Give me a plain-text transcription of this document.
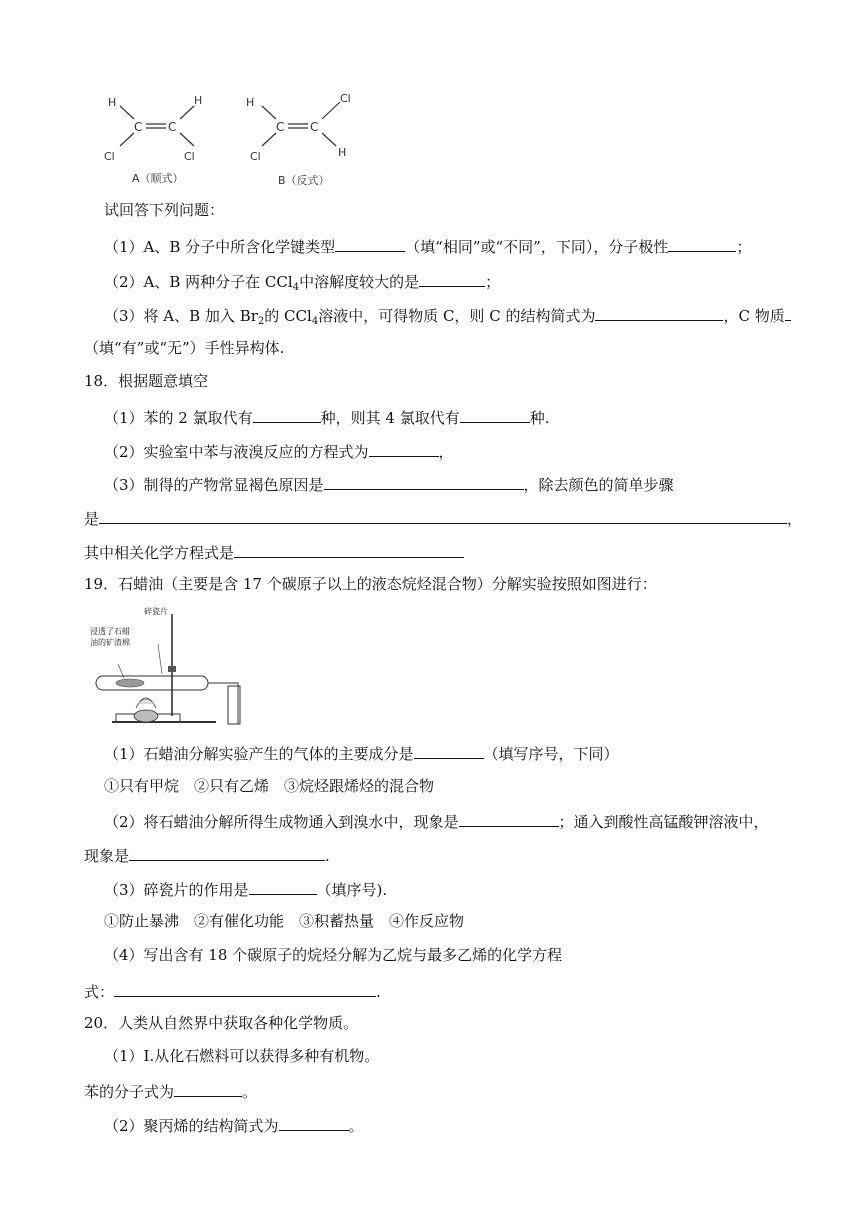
H	H
C C
Cl	Cl
A（顺式）
H	Cl
C C
Cl	H
B（反式）
试回答下列问题：
（1）A、B 分子中所含化学键类型	（填“相同”或“不同”，下同），分子极性	；
（2）A、B 两种分子在 CCl$_4$中溶解度较大的是	；
（3）将 A、B 加入 $Br_2$的 CCl$_4$溶液中，可得物质 C，则 C 的结构简式为	，C 物质
（填“有”或“无”）手性异构体.
18．根据题意填空
（1）苯的 2 氯取代有	种，则其 4 氯取代有	种.
（2）实验室中苯与液溴反应的方程式为	，
（3）制得的产物常显褐色原因是	，除去颜色的简单步骤
是	，
其中相关化学方程式是
19．石蜡油（主要是含 17 个碳原子以上的液态烷烃混合物）分解实验按照如图进行：
碎瓷片
浸透了石蜡
油的矿渣棉
（1）石蜡油分解实验产生的气体的主要成分是	（填写序号，下同）
①只有甲烷　②只有乙烯　③烷烃跟烯烃的混合物
（2）将石蜡油分解所得生成物通入到溴水中，现象是	；通入到酸性高锰酸钾溶液中，
现象是	.
（3）碎瓷片的作用是	（填序号).
①防止暴沸　②有催化功能　③积蓄热量　④作反应物
（4）写出含有 18 个碳原子的烷烃分解为乙烷与最多乙烯的化学方程
式：	.
20．人类从自然界中获取各种化学物质。
（1）Ⅰ.从化石燃料可以获得多种有机物。
苯的分子式为	。
（2）聚丙烯的结构简式为	。
